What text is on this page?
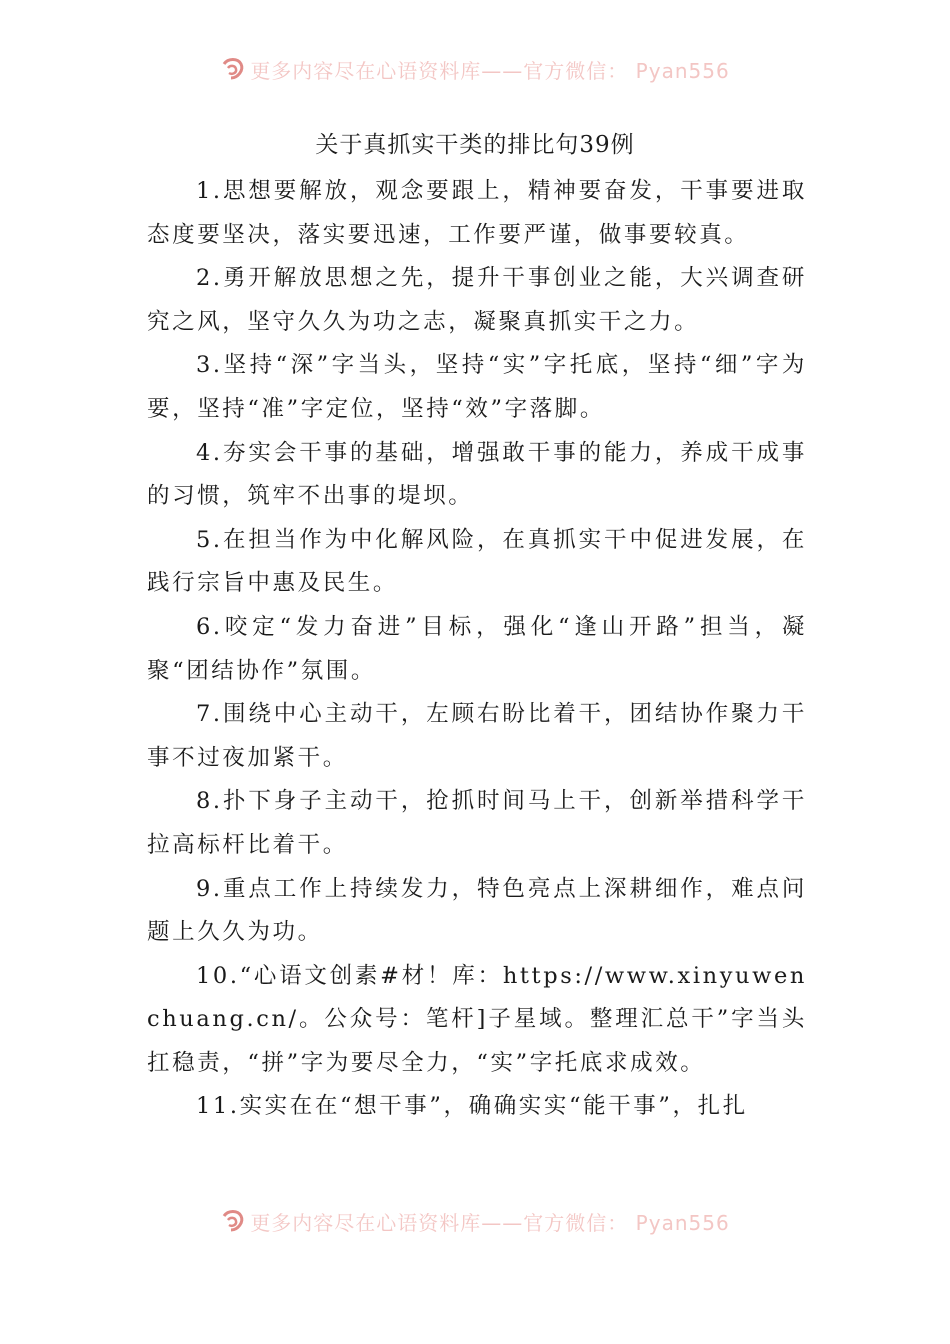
更多内容尽在心语资料库——官方微信： Pyan556
关于真抓实干类的排比句39例

1.思想要解放，观念要跟上，精神要奋发，干事要进取态度要坚决，落实要迅速，工作要严谨，做事要较真。

2.勇开解放思想之先，提升干事创业之能，大兴调查研究之风，坚守久久为功之志，凝聚真抓实干之力。

3.坚持“深”字当头，坚持“实”字托底，坚持“细”字为要，坚持“准”字定位，坚持“效”字落脚。

4.夯实会干事的基础，增强敢干事的能力，养成干成事的习惯，筑牢不出事的堤坝。

5.在担当作为中化解风险，在真抓实干中促进发展，在践行宗旨中惠及民生。

6.咬定“发力奋进”目标，强化“逢山开路”担当，凝聚“团结协作”氛围。

7.围绕中心主动干，左顾右盼比着干，团结协作聚力干事不过夜加紧干。

8.扑下身子主动干，抢抓时间马上干，创新举措科学干拉高标杆比着干。

9.重点工作上持续发力，特色亮点上深耕细作，难点问题上久久为功。

10.“心语文创素#材！库：https://www.xinyuwenchuang.cn/。公众号：笔杆]子星域。整理汇总干”字当头扛稳责，“拼”字为要尽全力，“实”字托底求成效。

11.实实在在“想干事”，确确实实“能干事”，扎扎

更多内容尽在心语资料库——官方微信： Pyan556
